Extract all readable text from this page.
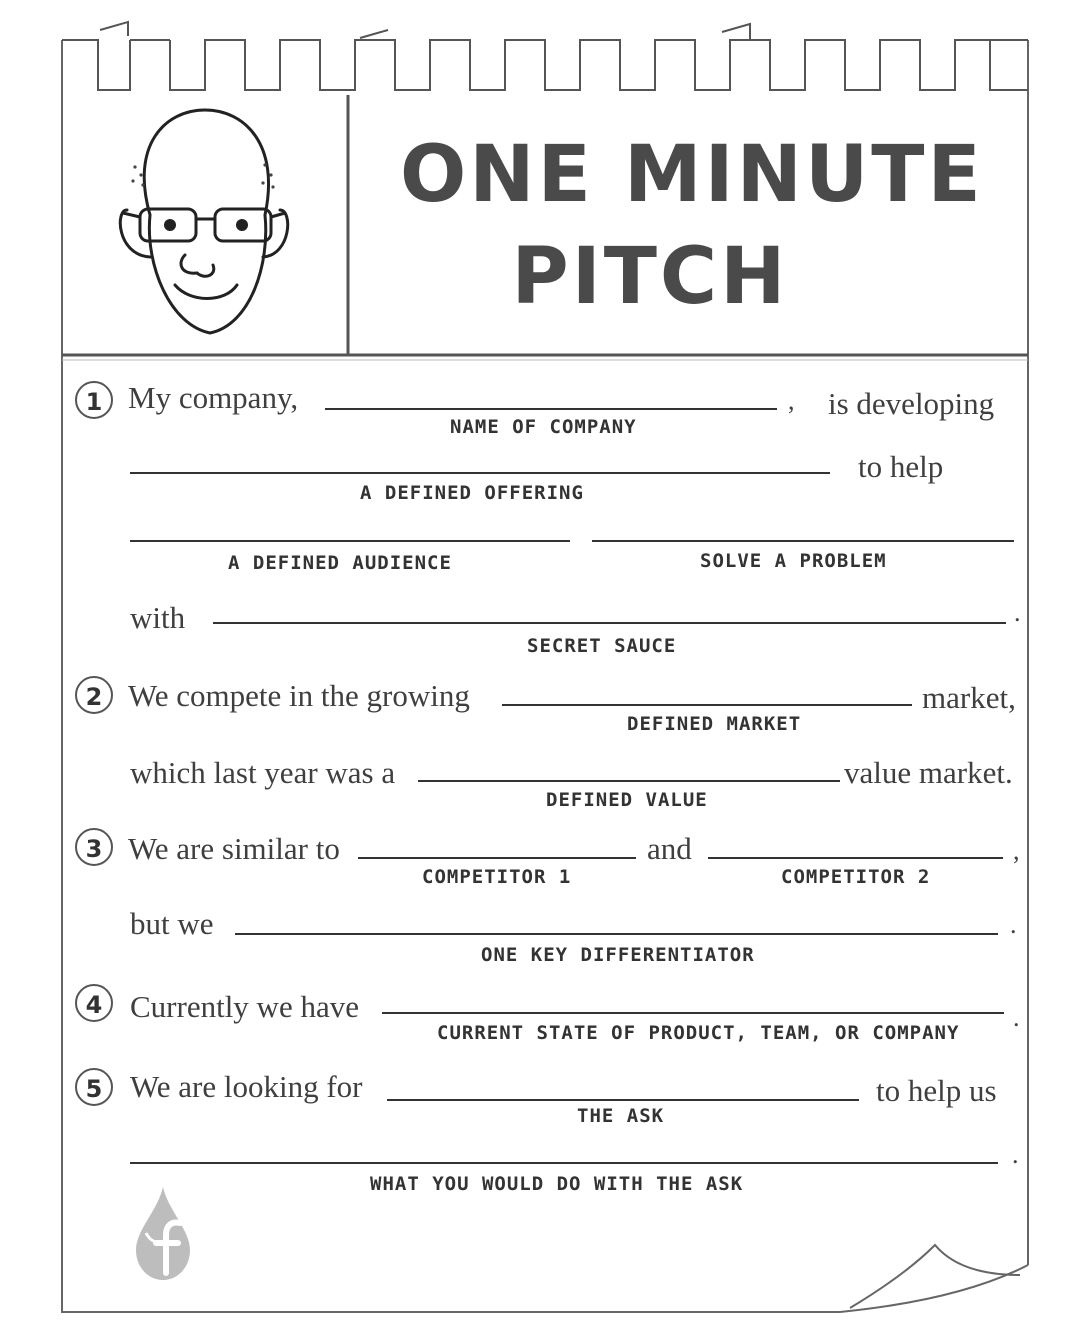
ONE MINUTE
PITCH
1 My company,	, is developing
NAME OF COMPANY
to help
A DEFINED OFFERING
A DEFINED AUDIENCE	SOLVE A PROBLEM
with	.
SECRET SAUCE
2 We compete in the growing	market,
DEFINED MARKET
which last year was a	value market.
DEFINED VALUE
3 We are similar to	and	,
COMPETITOR 1	COMPETITOR 2
but we	.
ONE KEY DIFFERENTIATOR
4 Currently we have	.
CURRENT STATE OF PRODUCT, TEAM, OR COMPANY
5 We are looking for	to help us
THE ASK
.
WHAT YOU WOULD DO WITH THE ASK
